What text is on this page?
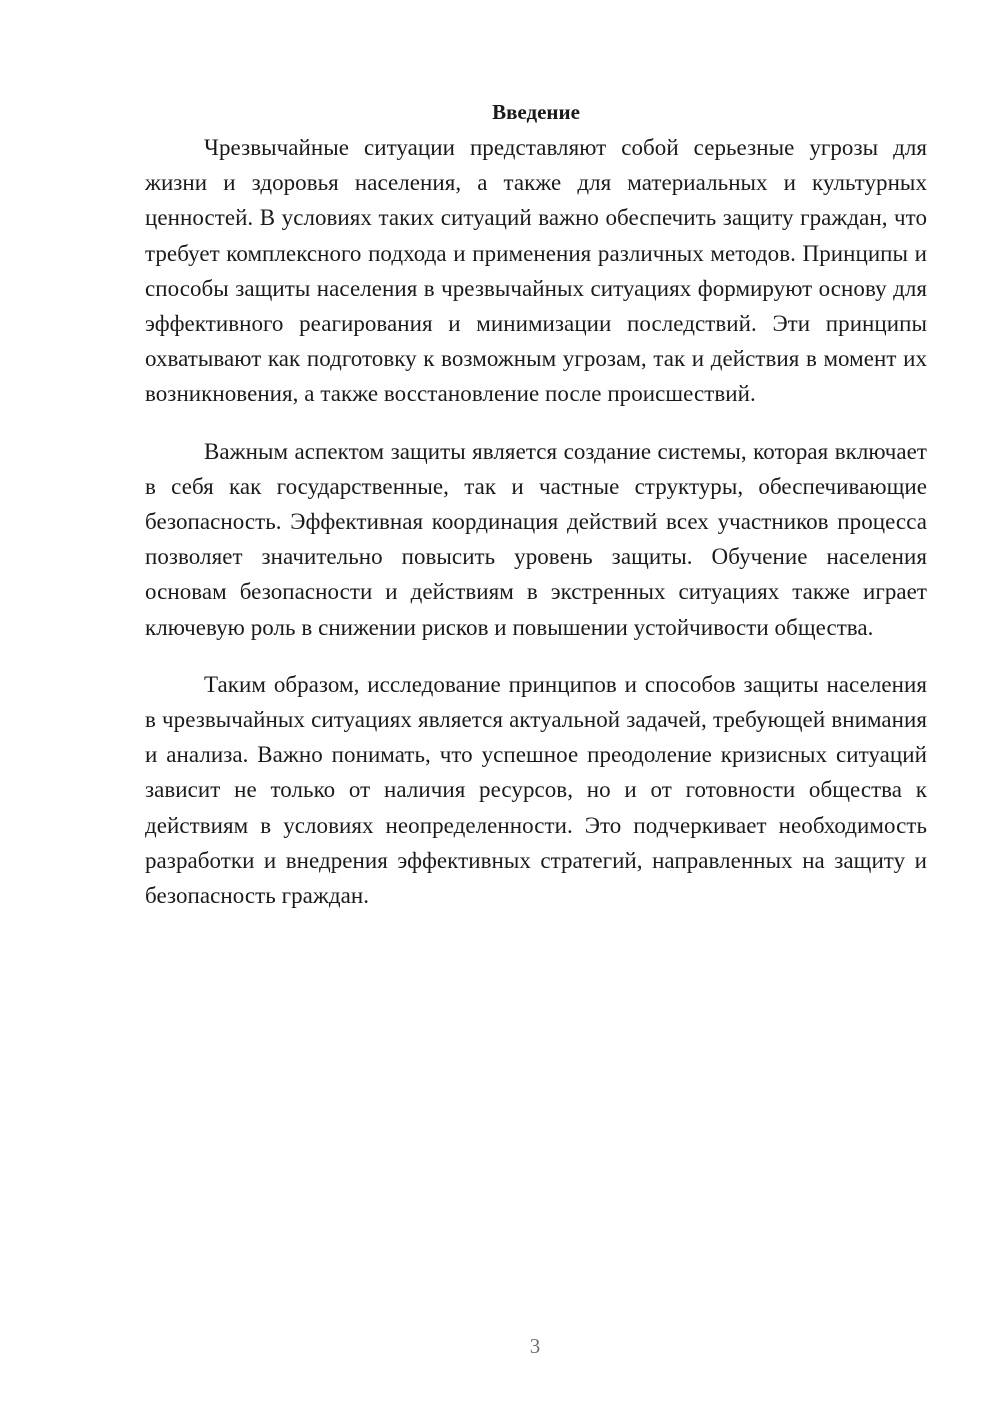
Введение

Чрезвычайные ситуации представляют собой серьезные угрозы для жизни и здоровья населения, а также для материальных и культурных ценностей. В условиях таких ситуаций важно обеспечить защиту граждан, что требует комплексного подхода и применения различных методов. Принципы и способы защиты населения в чрезвычайных ситуациях формируют основу для эффективного реагирования и минимизации последствий. Эти принципы охватывают как подготовку к возможным угрозам, так и действия в момент их возникновения, а также восстановление после происшествий.

Важным аспектом защиты является создание системы, которая включает в себя как государственные, так и частные структуры, обеспечивающие безопасность. Эффективная координация действий всех участников процесса позволяет значительно повысить уровень защиты. Обучение населения основам безопасности и действиям в экстренных ситуациях также играет ключевую роль в снижении рисков и повышении устойчивости общества.

Таким образом, исследование принципов и способов защиты населения в чрезвычайных ситуациях является актуальной задачей, требующей внимания и анализа. Важно понимать, что успешное преодоление кризисных ситуаций зависит не только от наличия ресурсов, но и от готовности общества к действиям в условиях неопределенности. Это подчеркивает необходимость разработки и внедрения эффективных стратегий, направленных на защиту и безопасность граждан.

3
